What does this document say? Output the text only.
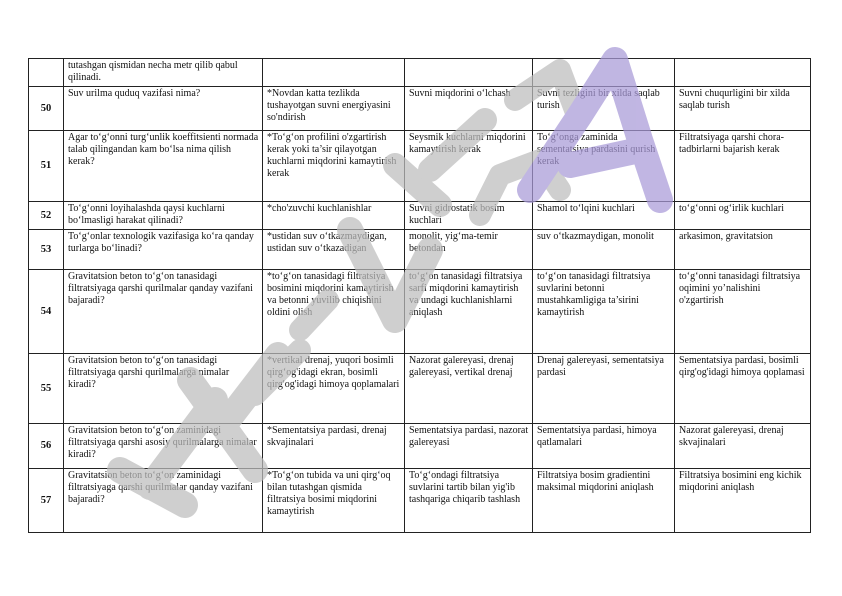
	tutashgan qismidan necha metr qilib qabul qilinadi.				
50	Suv urilma quduq vazifasi nima?	*Novdan katta tezlikda tushayotgan suvni energiyasini so'ndirish	Suvni miqdorini o‘lchash	Suvni tezligini bir xilda saqlab turish	Suvni chuqurligini bir xilda saqlab turish
51	Agar to‘g‘onni turg‘unlik koeffitsienti normada talab qilingandan kam bo‘lsa nima qilish kerak?	*To‘g‘on profilini o'zgartirish kerak yoki ta’sir qilayotgan kuchlarni miqdorini kamaytirish kerak	Seysmik kuchlarni miqdorini kamaytirish kerak	To‘g‘onga zaminida sementatsiya pardasini qurish kerak	Filtratsiyaga qarshi chora-tadbirlarni bajarish kerak
52	To‘g‘onni loyihalashda qaysi kuchlarni bo‘lmasligi harakat qilinadi?	*cho'zuvchi kuchlanishlar	Suvni gidrostatik bosim kuchlari	Shamol to‘lqini kuchlari	to‘g‘onni og‘irlik kuchlari
53	To‘g‘onlar texnologik vazifasiga ko‘ra qanday turlarga bo‘linadi?	*ustidan suv o‘tkazmaydigan, ustidan suv o‘tkazadigan	monolit, yig‘ma-temir betondan	suv o‘tkazmaydigan, monolit	arkasimon, gravitatsion
54	Gravitatsion beton to‘g‘on tanasidagi filtratsiyaga qarshi qurilmalar qanday vazifani bajaradi?	*to‘g‘on tanasidagi filtratsiya bosimini miqdorini kamaytirish va betonni yuvilib chiqishini oldini olish	to‘g‘on tanasidagi filtratsiya sarfi miqdorini kamaytirish va undagi kuchlanishlarni aniqlash	to‘g‘on tanasidagi filtratsiya suvlarini betonni mustahkamligiga ta’sirini kamaytirish	to‘g‘onni tanasidagi filtratsiya oqimini yo’nalishini o'zgartirish
55	Gravitatsion beton to‘g‘on tanasidagi filtratsiyaga qarshi qurilmalarga nimalar kiradi?	*vertikal drenaj, yuqori bosimli qirg‘og'idagi ekran, bosimli qirg'og'idagi himoya qoplamalari	Nazorat galereyasi, drenaj galereyasi, vertikal drenaj	Drenaj galereyasi, sementatsiya pardasi	Sementatsiya pardasi, bosimli qirg'og'idagi himoya qoplamasi
56	Gravitatsion beton to‘g‘on zaminidagi filtratsiyaga qarshi asosiy qurilmalarga nimalar kiradi?	*Sementatsiya pardasi, drenaj skvajinalari	Sementatsiya pardasi, nazorat galereyasi	Sementatsiya pardasi, himoya qatlamalari	Nazorat galereyasi, drenaj skvajinalari
57	Gravitatsion beton to‘g‘on zaminidagi filtratsiyaga qarshi qurilmalar qanday vazifani bajaradi?	*To‘g‘on tubida va uni qirg‘oq bilan tutashgan qismida filtratsiya bosimi miqdorini kamaytirish	To‘g‘ondagi filtratsiya suvlarini tartib bilan yig'ib tashqariga chiqarib tashlash	Filtratsiya bosim gradientini maksimal miqdorini aniqlash	Filtratsiya bosimini eng kichik miqdorini aniqlash
